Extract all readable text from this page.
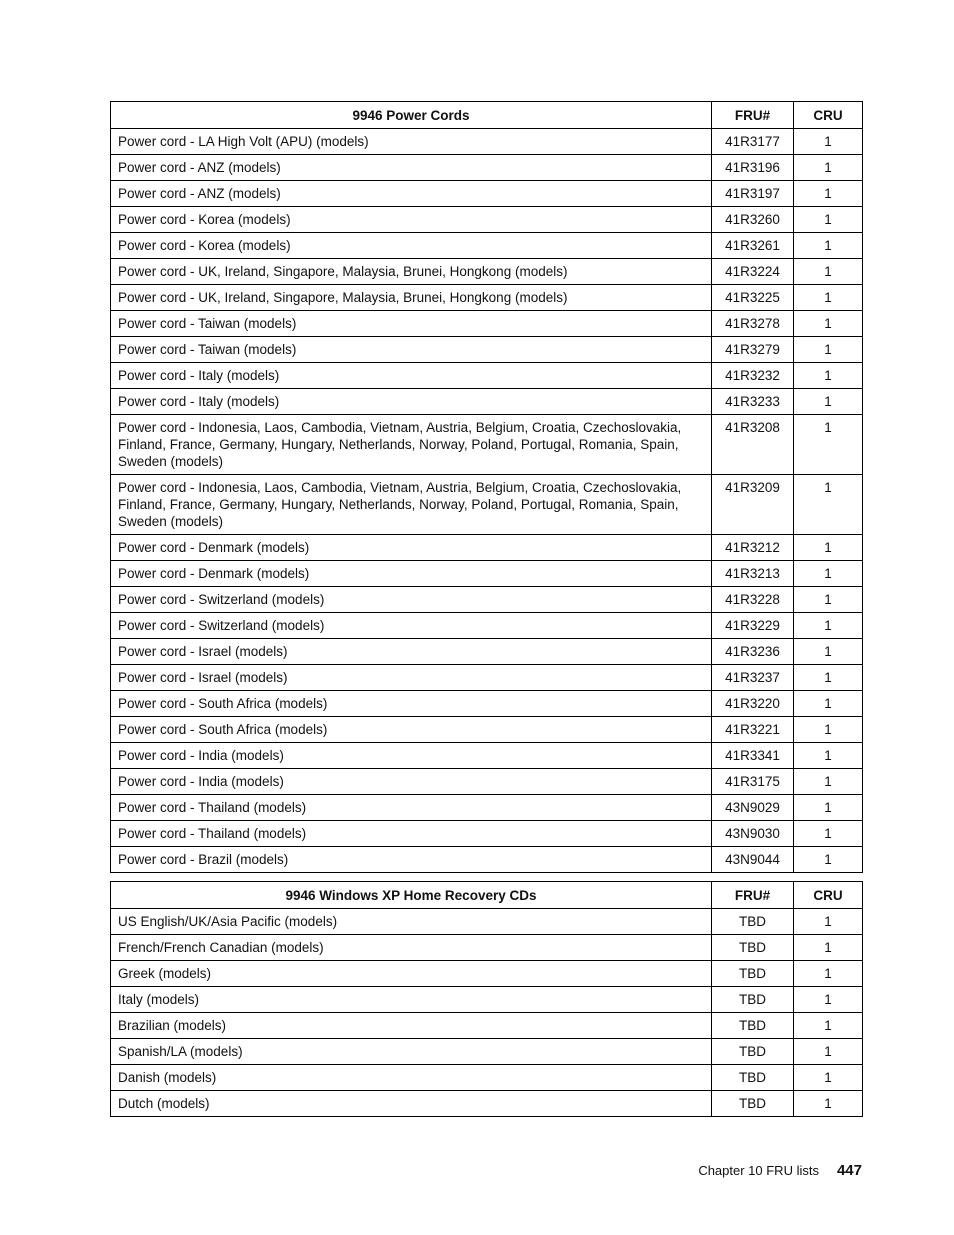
9946 Power Cords	FRU#	CRU
Power cord - LA High Volt (APU) (models)	41R3177	1
Power cord - ANZ (models)	41R3196	1
Power cord - ANZ (models)	41R3197	1
Power cord - Korea (models)	41R3260	1
Power cord - Korea (models)	41R3261	1
Power cord - UK, Ireland, Singapore, Malaysia, Brunei, Hongkong (models)	41R3224	1
Power cord - UK, Ireland, Singapore, Malaysia, Brunei, Hongkong (models)	41R3225	1
Power cord - Taiwan (models)	41R3278	1
Power cord - Taiwan (models)	41R3279	1
Power cord - Italy (models)	41R3232	1
Power cord - Italy (models)	41R3233	1
Power cord - Indonesia, Laos, Cambodia, Vietnam, Austria, Belgium, Croatia, Czechoslovakia, Finland, France, Germany, Hungary, Netherlands, Norway, Poland, Portugal, Romania, Spain, Sweden (models)	41R3208	1
Power cord - Indonesia, Laos, Cambodia, Vietnam, Austria, Belgium, Croatia, Czechoslovakia, Finland, France, Germany, Hungary, Netherlands, Norway, Poland, Portugal, Romania, Spain, Sweden (models)	41R3209	1
Power cord - Denmark (models)	41R3212	1
Power cord - Denmark (models)	41R3213	1
Power cord - Switzerland (models)	41R3228	1
Power cord - Switzerland (models)	41R3229	1
Power cord - Israel (models)	41R3236	1
Power cord - Israel (models)	41R3237	1
Power cord - South Africa (models)	41R3220	1
Power cord - South Africa (models)	41R3221	1
Power cord - India (models)	41R3341	1
Power cord - India (models)	41R3175	1
Power cord - Thailand (models)	43N9029	1
Power cord - Thailand (models)	43N9030	1
Power cord - Brazil (models)	43N9044	1
9946 Windows XP Home Recovery CDs	FRU#	CRU
US English/UK/Asia Pacific (models)	TBD	1
French/French Canadian (models)	TBD	1
Greek (models)	TBD	1
Italy (models)	TBD	1
Brazilian (models)	TBD	1
Spanish/LA (models)	TBD	1
Danish (models)	TBD	1
Dutch (models)	TBD	1
Chapter 10 FRU lists 447
